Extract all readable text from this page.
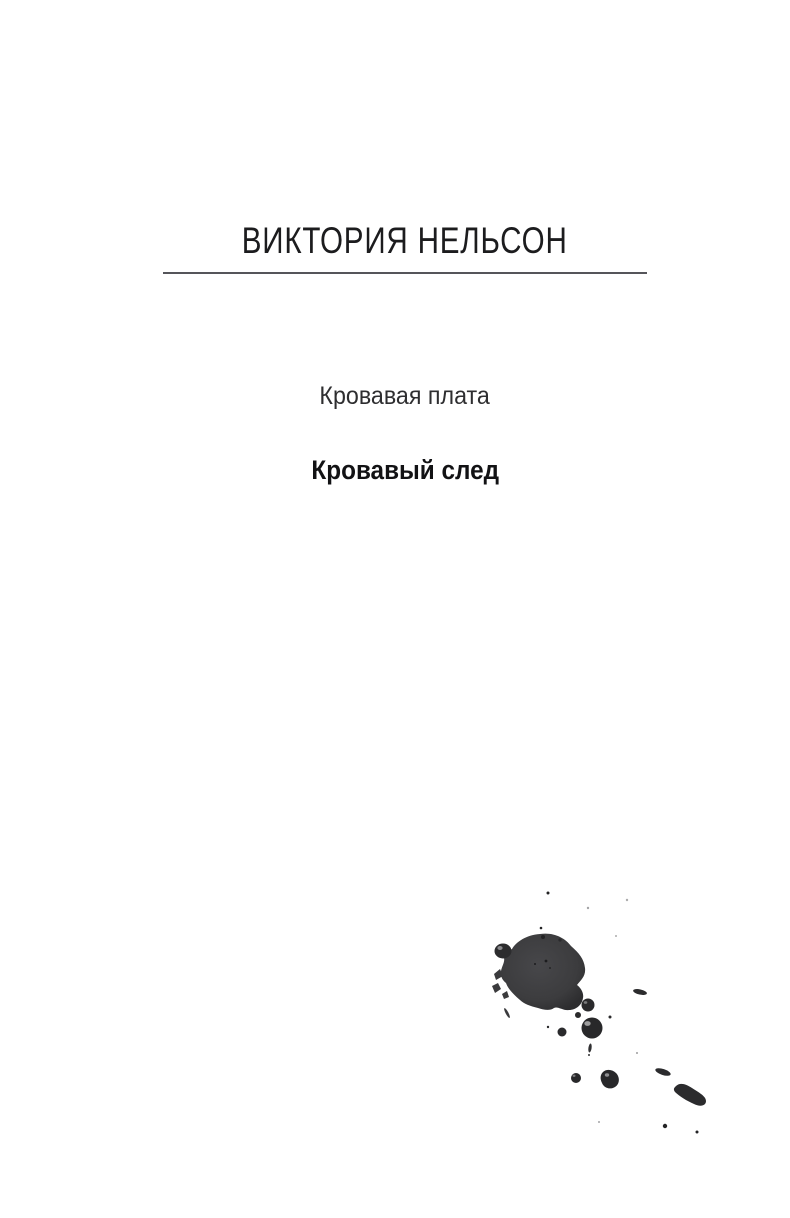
ВИКТОРИЯ НЕЛЬСОН
Кровавая плата
Кровавый след
